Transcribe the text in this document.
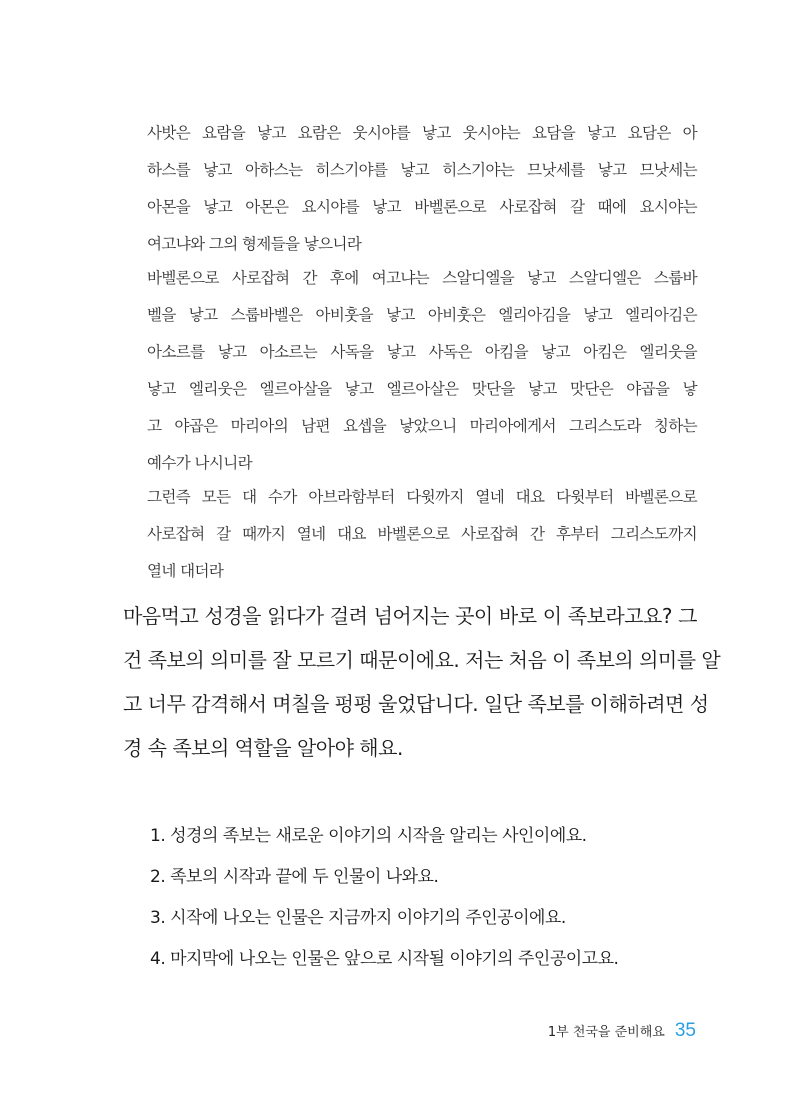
사밧은 요람을 낳고 요람은 웃시야를 낳고 웃시야는 요담을 낳고 요담은 아
하스를 낳고 아하스는 히스기야를 낳고 히스기야는 므낫세를 낳고 므낫세는
아몬을 낳고 아몬은 요시야를 낳고 바벨론으로 사로잡혀 갈 때에 요시야는
여고냐와 그의 형제들을 낳으니라
바벨론으로 사로잡혀 간 후에 여고냐는 스알디엘을 낳고 스알디엘은 스룹바
벨을 낳고 스룹바벨은 아비훗을 낳고 아비훗은 엘리아김을 낳고 엘리아김은
아소르를 낳고 아소르는 사독을 낳고 사독은 아킴을 낳고 아킴은 엘리웃을
낳고 엘리웃은 엘르아살을 낳고 엘르아살은 맛단을 낳고 맛단은 야곱을 낳
고 야곱은 마리아의 남편 요셉을 낳았으니 마리아에게서 그리스도라 칭하는
예수가 나시니라
그런즉 모든 대 수가 아브라함부터 다윗까지 열네 대요 다윗부터 바벨론으로
사로잡혀 갈 때까지 열네 대요 바벨론으로 사로잡혀 간 후부터 그리스도까지
열네 대더라
마음먹고 성경을 읽다가 걸려 넘어지는 곳이 바로 이 족보라고요? 그
건 족보의 의미를 잘 모르기 때문이에요. 저는 처음 이 족보의 의미를 알
고 너무 감격해서 며칠을 펑펑 울었답니다. 일단 족보를 이해하려면 성
경 속 족보의 역할을 알아야 해요.
1. 성경의 족보는 새로운 이야기의 시작을 알리는 사인이에요.
2. 족보의 시작과 끝에 두 인물이 나와요.
3. 시작에 나오는 인물은 지금까지 이야기의 주인공이에요.
4. 마지막에 나오는 인물은 앞으로 시작될 이야기의 주인공이고요.
1부 천국을 준비해요 35
